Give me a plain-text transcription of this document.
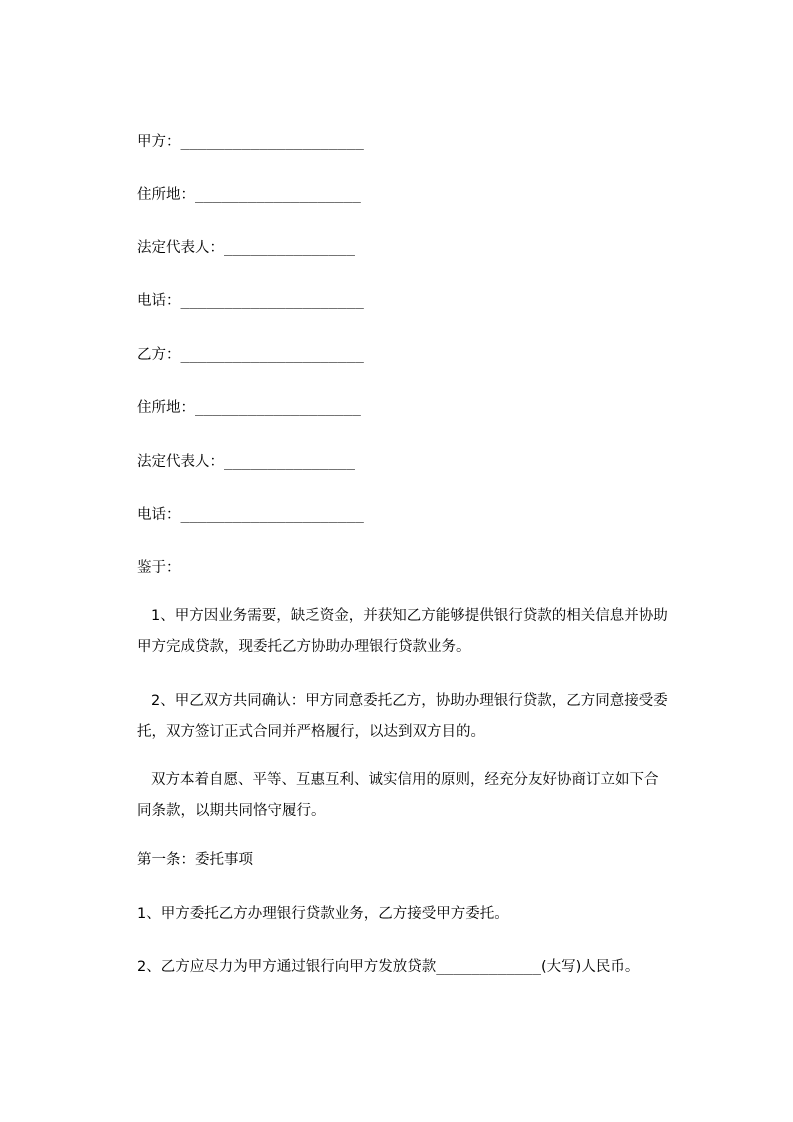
甲方：_____________________
住所地：___________________
法定代表人：_______________
电话：_____________________
乙方：_____________________
住所地：___________________
法定代表人：_______________
电话：_____________________
鉴于：
1、甲方因业务需要，缺乏资金，并获知乙方能够提供银行贷款的相关信息并协助甲方完成贷款，现委托乙方协助办理银行贷款业务。
2、甲乙双方共同确认：甲方同意委托乙方，协助办理银行贷款，乙方同意接受委托，双方签订正式合同并严格履行，以达到双方目的。
双方本着自愿、平等、互惠互利、诚实信用的原则，经充分友好协商订立如下合同条款，以期共同恪守履行。
第一条：委托事项
1、甲方委托乙方办理银行贷款业务，乙方接受甲方委托。
2、乙方应尽力为甲方通过银行向甲方发放贷款____________(大写)人民币。
